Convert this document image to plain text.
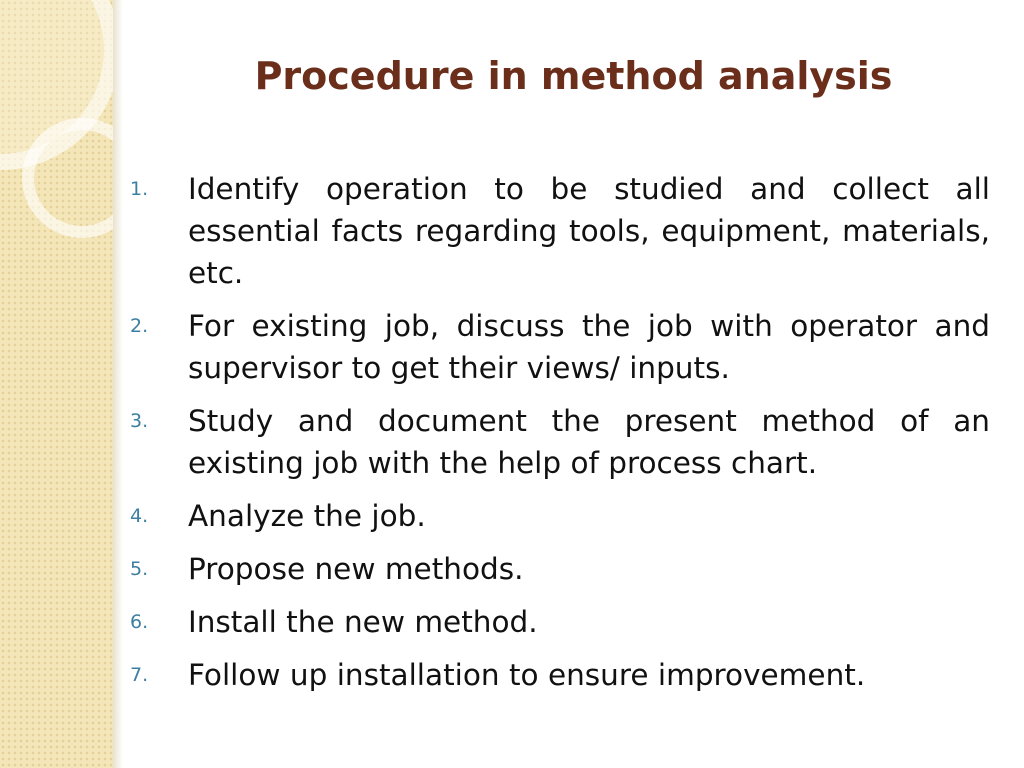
Procedure in method analysis
1.	Identify operation to be studied and collect all essential facts regarding tools, equipment, materials, etc.
2.	For existing job, discuss the job with operator and supervisor to get their views/ inputs.
3.	Study and document the present method of an existing job with the help of process chart.
4.	Analyze the job.
5.	Propose new methods.
6.	Install the new method.
7.	Follow up installation to ensure improvement.
